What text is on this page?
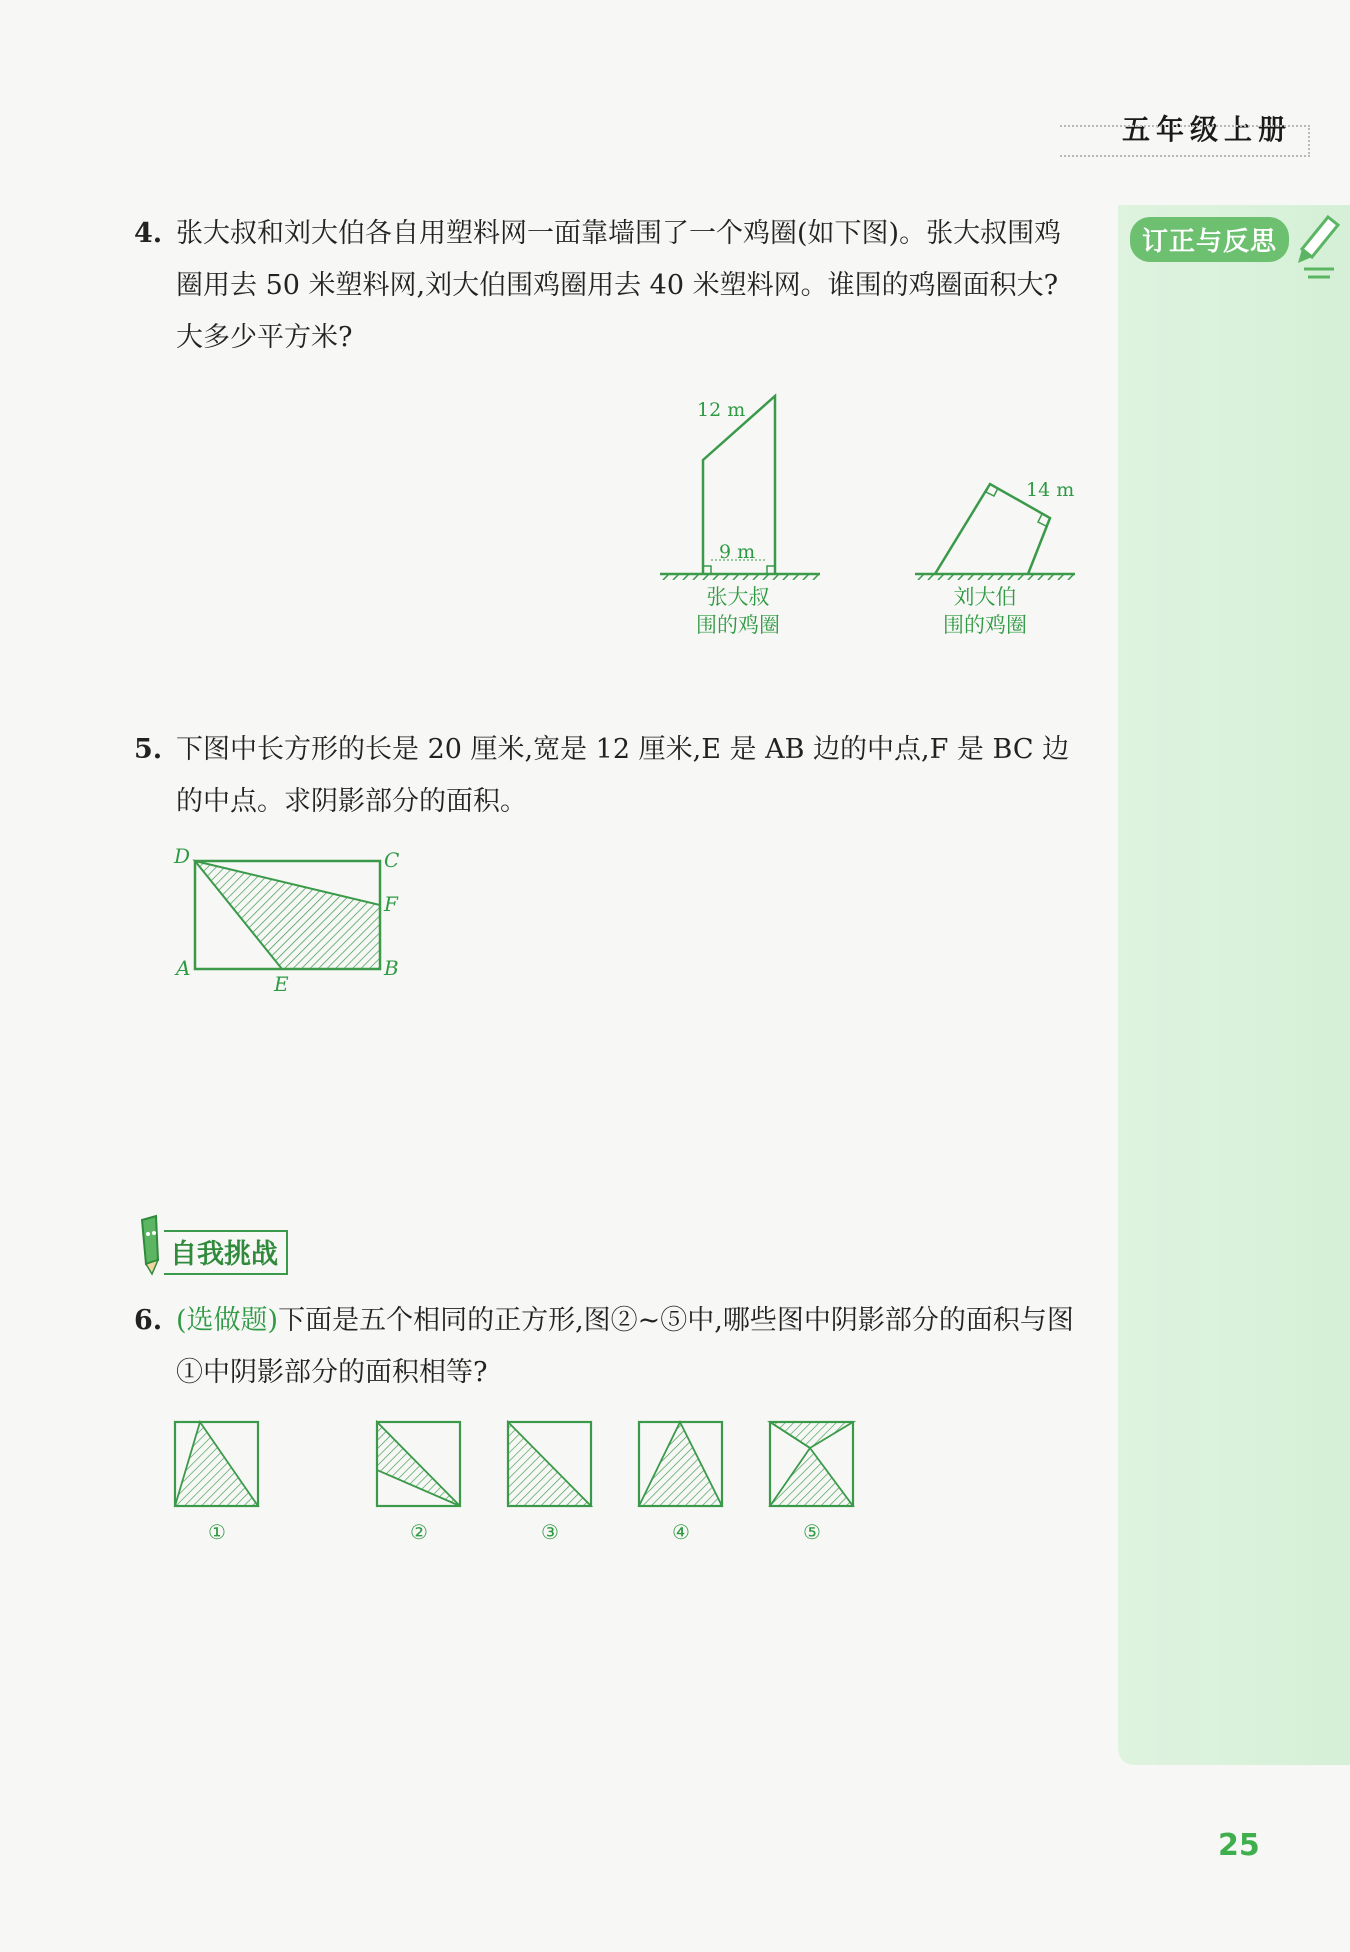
五年级上册
订正与反思
4. 张大叔和刘大伯各自用塑料网一面靠墙围了一个鸡圈(如下图)。张大叔围鸡圈用去 50 米塑料网,刘大伯围鸡圈用去 40 米塑料网。谁围的鸡圈面积大?大多少平方米?
12 m
9 m
张大叔
围的鸡圈
14 m
刘大伯
围的鸡圈
5. 下图中长方形的长是 20 厘米,宽是 12 厘米,E 是 AB 边的中点,F 是 BC 边的中点。求阴影部分的面积。
D	C
F
A
E
B
自我挑战
6. (选做题)下面是五个相同的正方形,图②~⑤中,哪些图中阴影部分的面积与图①中阴影部分的面积相等?
①	②	③	④	⑤
25
